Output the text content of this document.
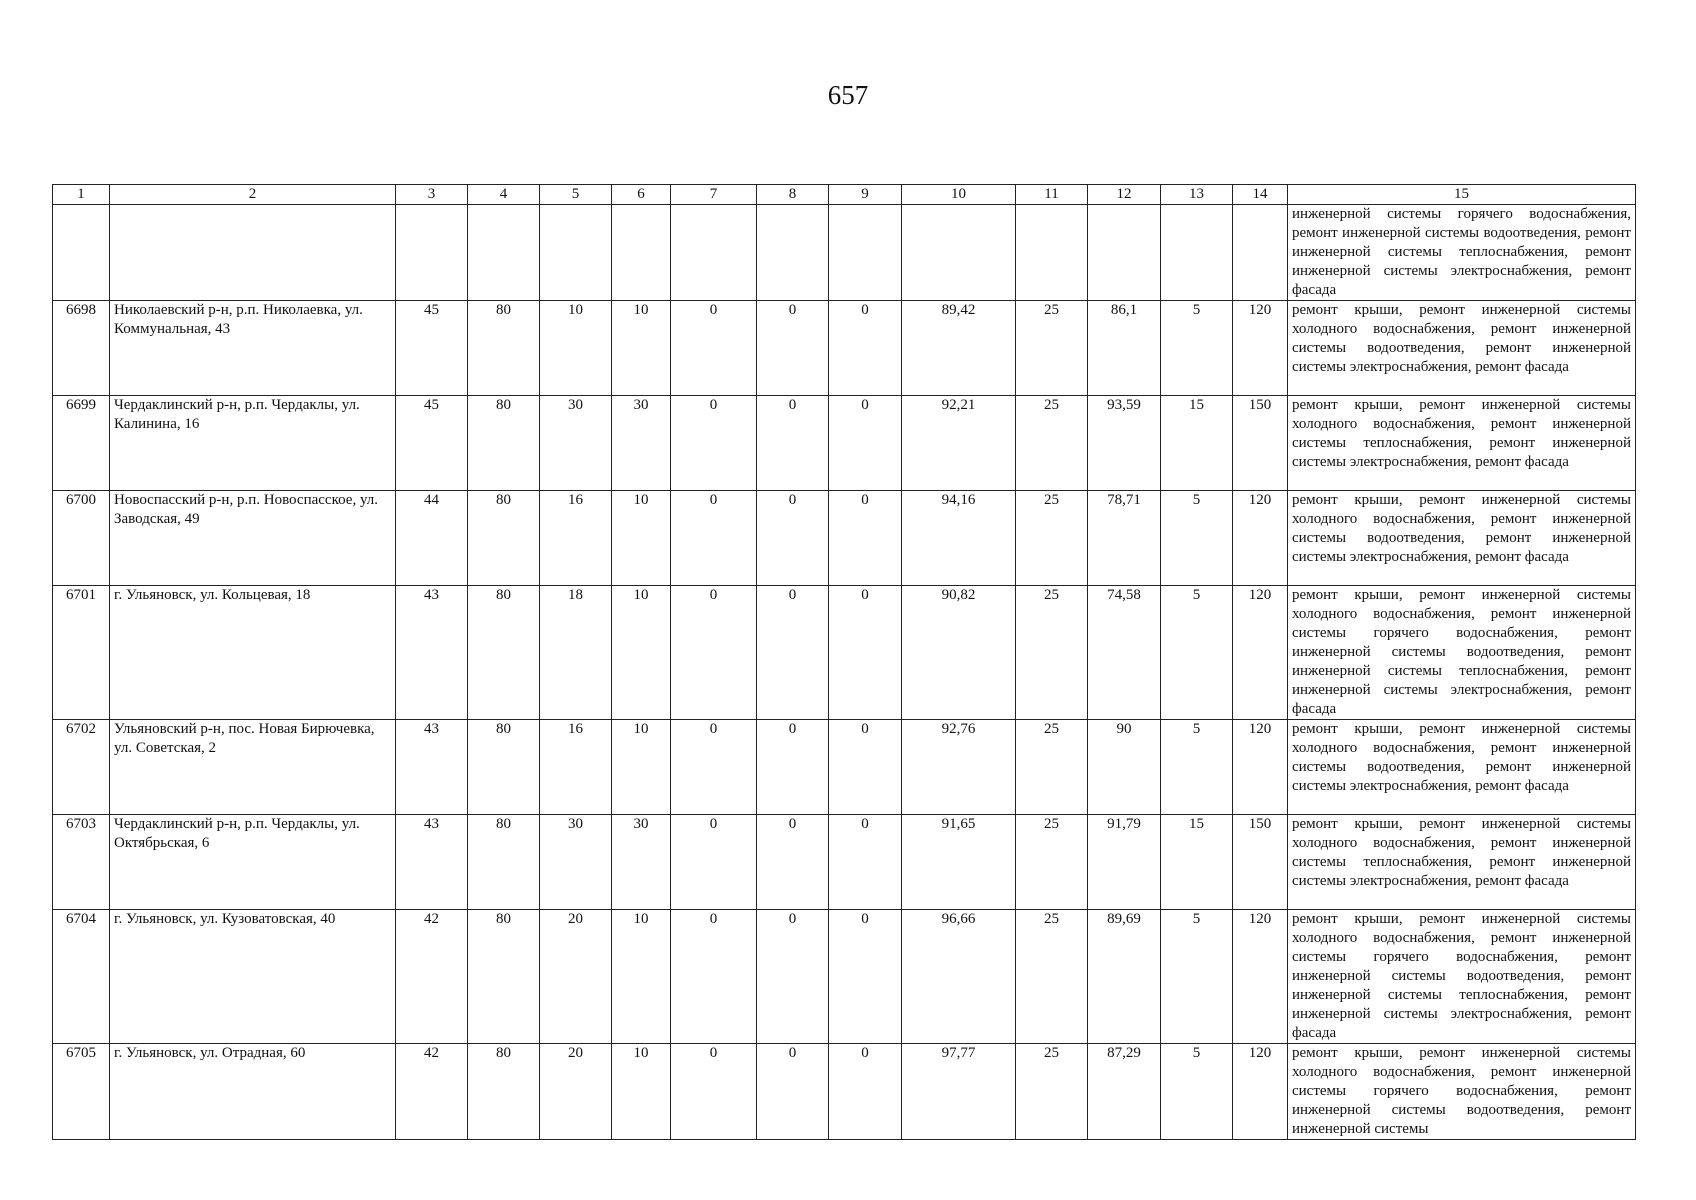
657
1	2	3	4	5	6	7	8	9	10	11	12	13	14	15
														инженерной системы горячего водоснабжения, ремонт инженерной системы водоотведения, ремонт инженерной системы теплоснабжения, ремонт инженерной системы электроснабжения, ремонт фасада
6698	Николаевский р-н, р.п. Николаевка, ул. Коммунальная, 43	45	80	10	10	0	0	0	89,42	25	86,1	5	120	ремонт крыши, ремонт инженерной системы холодного водоснабжения, ремонт инженерной системы водоотведения, ремонт инженерной системы электроснабжения, ремонт фасада
6699	Чердаклинский р-н, р.п. Чердаклы, ул. Калинина, 16	45	80	30	30	0	0	0	92,21	25	93,59	15	150	ремонт крыши, ремонт инженерной системы холодного водоснабжения, ремонт инженерной системы теплоснабжения, ремонт инженерной системы электроснабжения, ремонт фасада
6700	Новоспасский р-н, р.п. Новоспасское, ул. Заводская, 49	44	80	16	10	0	0	0	94,16	25	78,71	5	120	ремонт крыши, ремонт инженерной системы холодного водоснабжения, ремонт инженерной системы водоотведения, ремонт инженерной системы электроснабжения, ремонт фасада
6701	г. Ульяновск, ул. Кольцевая, 18	43	80	18	10	0	0	0	90,82	25	74,58	5	120	ремонт крыши, ремонт инженерной системы холодного водоснабжения, ремонт инженерной системы горячего водоснабжения, ремонт инженерной системы водоотведения, ремонт инженерной системы теплоснабжения, ремонт инженерной системы электроснабжения, ремонт фасада
6702	Ульяновский р-н, пос. Новая Бирючевка, ул. Советская, 2	43	80	16	10	0	0	0	92,76	25	90	5	120	ремонт крыши, ремонт инженерной системы холодного водоснабжения, ремонт инженерной системы водоотведения, ремонт инженерной системы электроснабжения, ремонт фасада
6703	Чердаклинский р-н, р.п. Чердаклы, ул. Октябрьская, 6	43	80	30	30	0	0	0	91,65	25	91,79	15	150	ремонт крыши, ремонт инженерной системы холодного водоснабжения, ремонт инженерной системы теплоснабжения, ремонт инженерной системы электроснабжения, ремонт фасада
6704	г. Ульяновск, ул. Кузоватовская, 40	42	80	20	10	0	0	0	96,66	25	89,69	5	120	ремонт крыши, ремонт инженерной системы холодного водоснабжения, ремонт инженерной системы горячего водоснабжения, ремонт инженерной системы водоотведения, ремонт инженерной системы теплоснабжения, ремонт инженерной системы электроснабжения, ремонт фасада
6705	г. Ульяновск, ул. Отрадная, 60	42	80	20	10	0	0	0	97,77	25	87,29	5	120	ремонт крыши, ремонт инженерной системы холодного водоснабжения, ремонт инженерной системы горячего водоснабжения, ремонт инженерной системы водоотведения, ремонт инженерной системы
